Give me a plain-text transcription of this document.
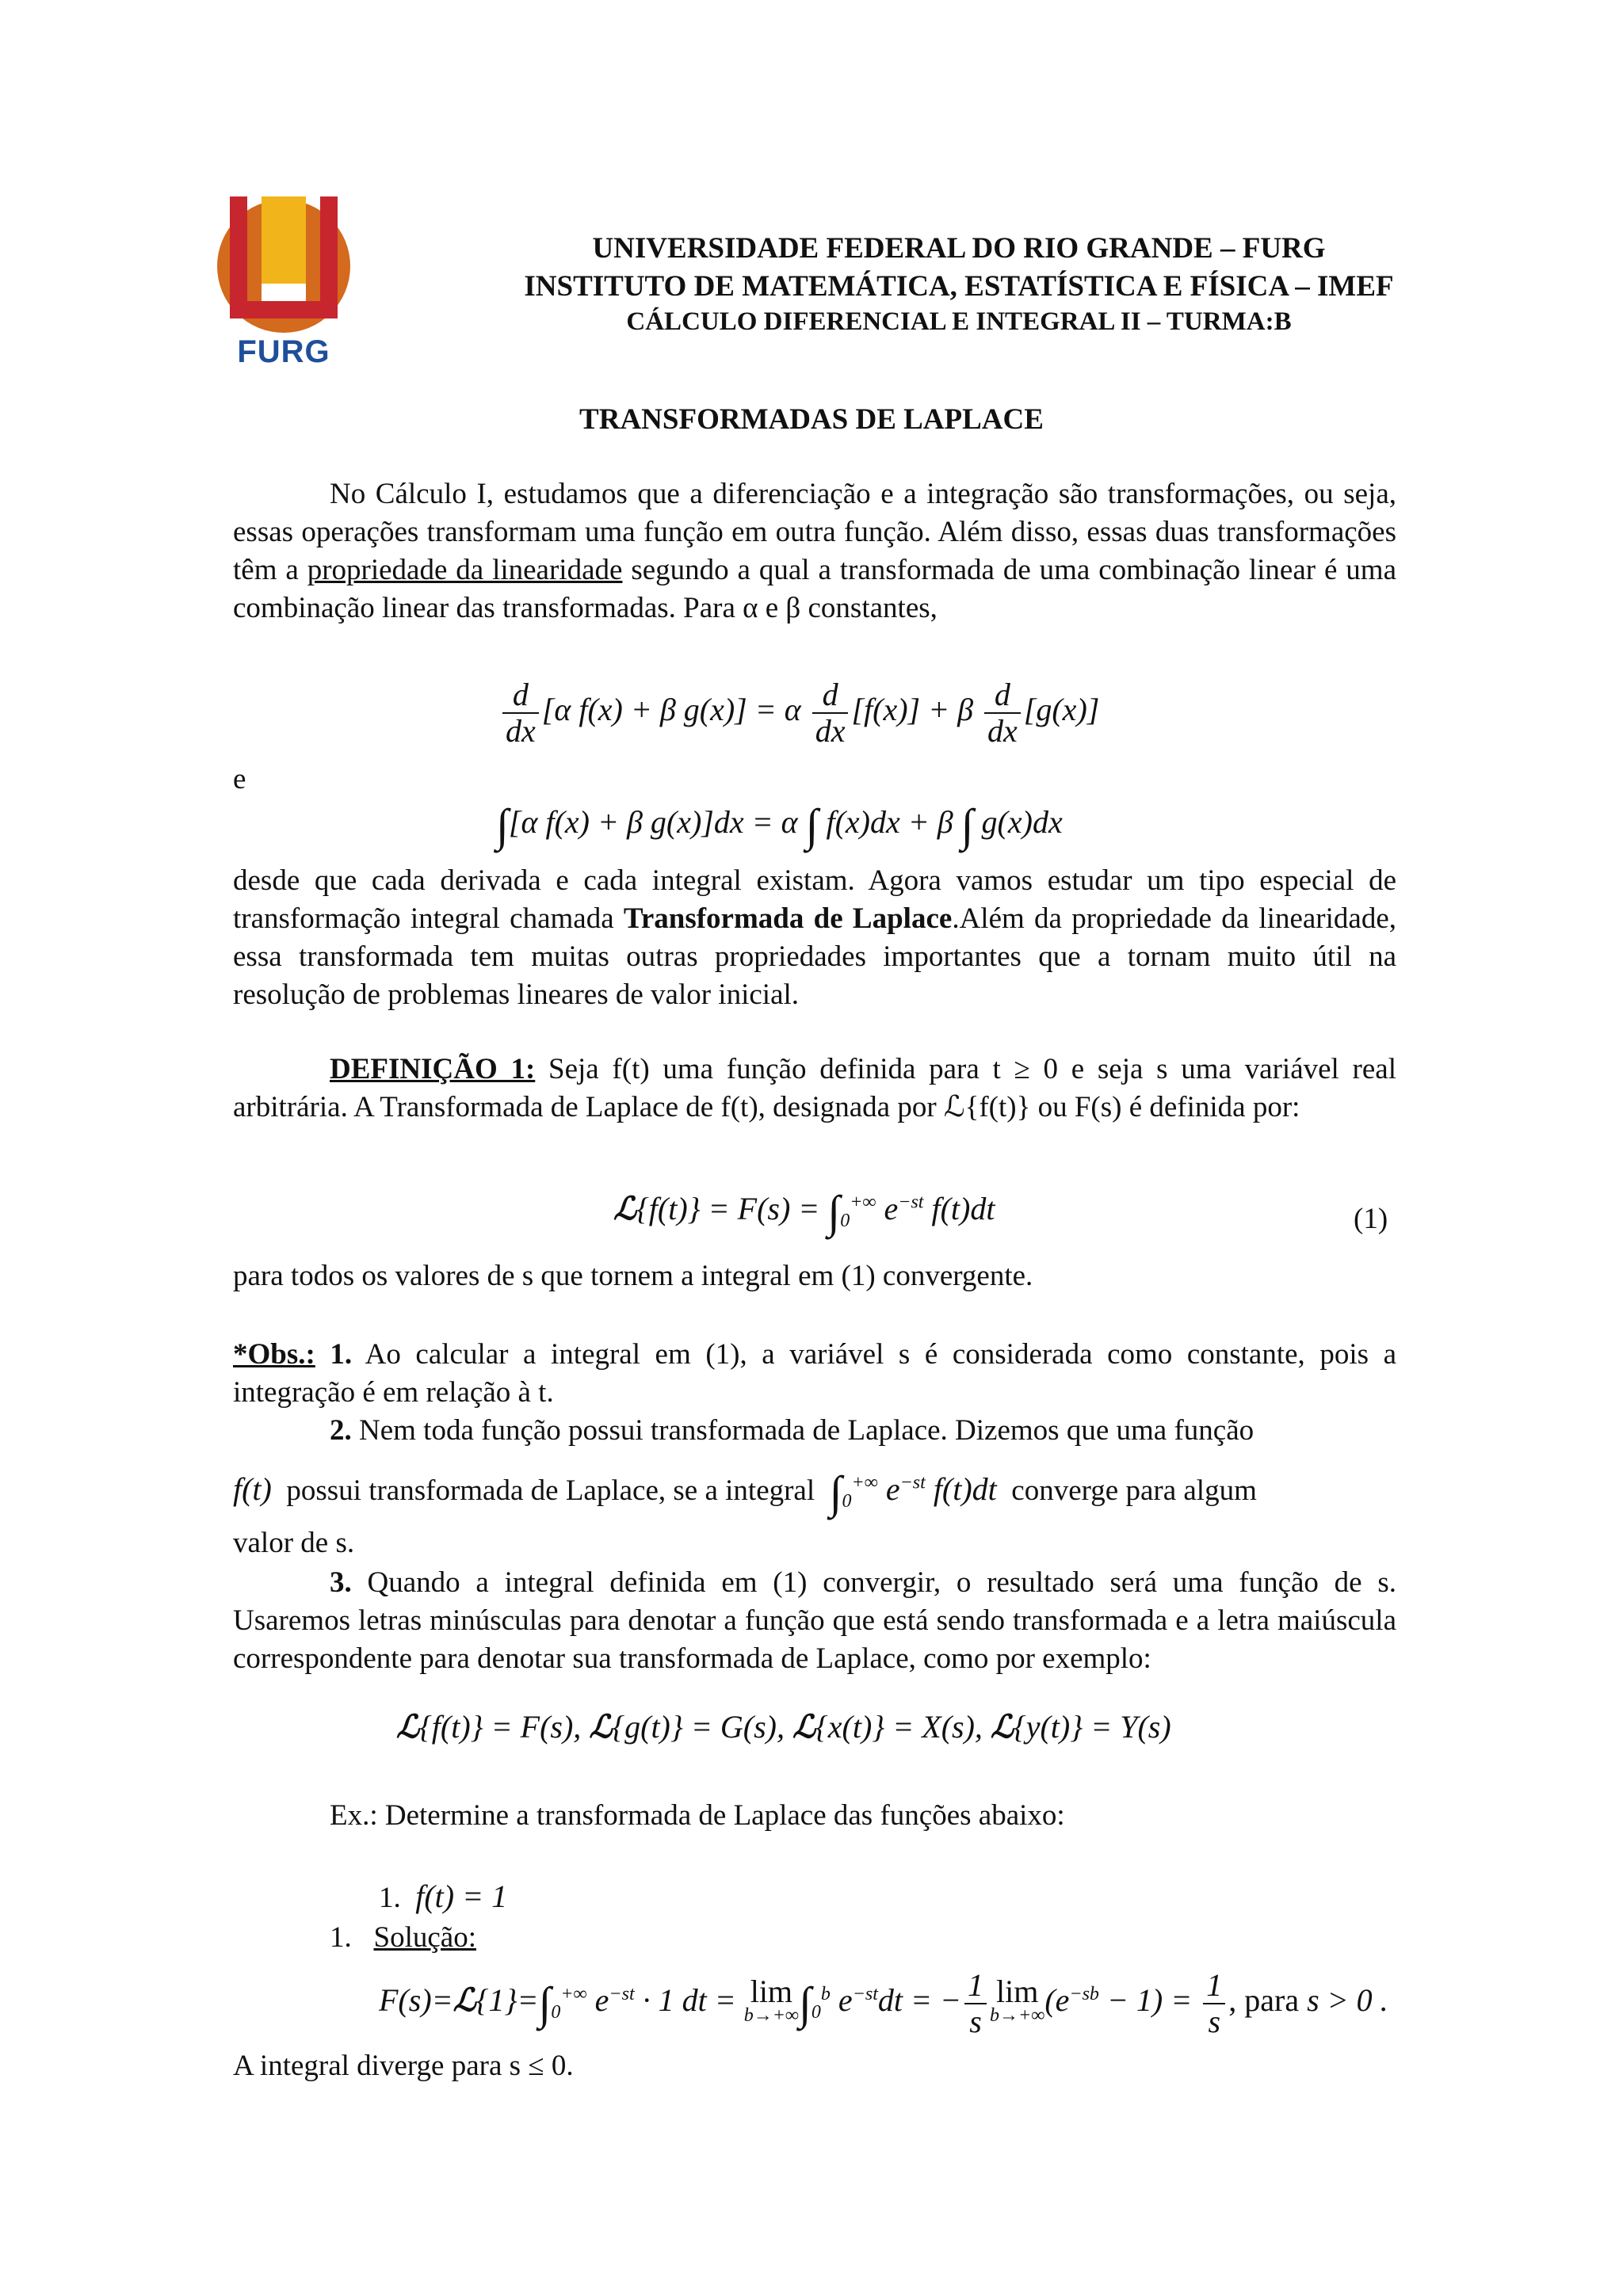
FURG
UNIVERSIDADE FEDERAL DO RIO GRANDE – FURG
INSTITUTO DE MATEMÁTICA, ESTATÍSTICA E FÍSICA – IMEF
CÁLCULO DIFERENCIAL E INTEGRAL II – TURMA:B
TRANSFORMADAS DE LAPLACE
No Cálculo I, estudamos que a diferenciação e a integração são transformações, ou seja, essas operações transformam uma função em outra função. Além disso, essas duas transformações têm a propriedade da linearidade segundo a qual a transformada de uma combinação linear é uma combinação linear das transformadas. Para α e β constantes,
$\frac{d}{dx} [\alpha$ f(x) + β g(x)] = α $\frac{d}{dx} [f(x)] + \beta \frac{d}{dx} [g(x)]$
e
∫[α f(x) + β g(x)]dx = α ∫ f(x)dx + β ∫ g(x)dx
desde que cada derivada e cada integral existam. Agora vamos estudar um tipo especial de transformação integral chamada Transformada de Laplace.Além da propriedade da linearidade, essa transformada tem muitas outras propriedades importantes que a tornam muito útil na resolução de problemas lineares de valor inicial.
DEFINIÇÃO 1: Seja f(t) uma função definida para t ≥ 0 e seja s uma variável real arbitrária. A Transformada de Laplace de f(t), designada por ℒ{f(t)} ou F(s) é definida por:
ℒ{f(t)} = $F(s) = \int_0^{+\infty}$ $e^{-st}$ f(t)dt	(1)
para todos os valores de s que tornem a integral em (1) convergente.
*Obs.: 1. Ao calcular a integral em (1), a variável s é considerada como constante, pois a integração é em relação à t.
2. Nem toda função possui transformada de Laplace. Dizemos que uma função
f(t) possui transformada de Laplace, se a integral $\int_0^{+\infty}$ $e^{-st}$ f(t)dt converge para algum
valor de s.
3. Quando a integral definida em (1) convergir, o resultado será uma função de s. Usaremos letras minúsculas para denotar a função que está sendo transformada e a letra maiúscula correspondente para denotar sua transformada de Laplace, como por exemplo:
ℒ{f(t)} = F(s), ℒ{g(t)} = G(s), ℒ{x(t)} = X(s), ℒ{y(t)} = Y(s)
Ex.: Determine a transformada de Laplace das funções abaixo:
1. f(t) = 1
1. Solução:
$F(s)=ℒ\{1\}=\int_0^{+\infty}$ $e^{-st} \cdot 1$ dt = lim
b→+∞ $\int_0^b$ $e^{-st}dt$ = − $\frac{1}{s}$ lim
b→+∞ $(e^{-sb} - 1) = \frac{1}{s}$ , para s > 0 .
A integral diverge para s ≤ 0.
